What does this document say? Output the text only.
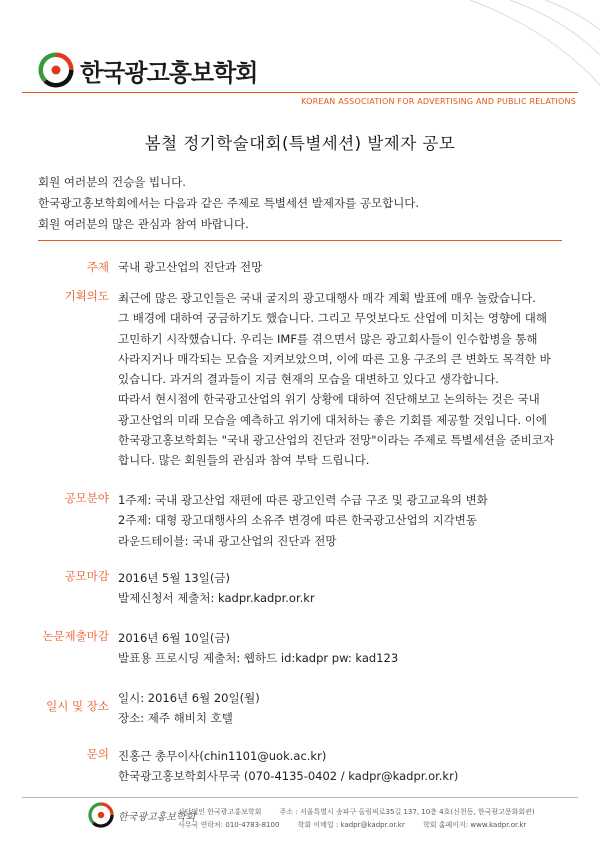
한국광고홍보학회
KOREAN ASSOCIATION FOR ADVERTISING AND PUBLIC RELATIONS
봄철 정기학술대회(특별세션) 발제자 공모
회원 여러분의 건승을 빕니다.
한국광고홍보학회에서는 다음과 같은 주제로 특별세션 발제자를 공모합니다.
회원 여러분의 많은 관심과 참여 바랍니다.
주제 국내 광고산업의 진단과 전망

기획의도 최근에 많은 광고인들은 국내 굴지의 광고대행사 매각 계획 발표에 매우 놀랐습니다.

그 배경에 대하여 궁금하기도 했습니다. 그리고 무엇보다도 산업에 미치는 영향에 대해

고민하기 시작했습니다. 우리는 IMF를 겪으면서 많은 광고회사들이 인수합병을 통해

사라지거나 매각되는 모습을 지켜보았으며, 이에 따른 고용 구조의 큰 변화도 목격한 바

있습니다. 과거의 결과들이 지금 현재의 모습을 대변하고 있다고 생각합니다.

따라서 현시점에 한국광고산업의 위기 상황에 대하여 진단해보고 논의하는 것은 국내

광고산업의 미래 모습을 예측하고 위기에 대처하는 좋은 기회를 제공할 것입니다. 이에

한국광고홍보학회는 "국내 광고산업의 진단과 전망"이라는 주제로 특별세션을 준비코자

합니다. 많은 회원들의 관심과 참여 부탁 드립니다.

공모분야 1주제: 국내 광고산업 재편에 따른 광고인력 수급 구조 및 광고교육의 변화

2주제: 대형 광고대행사의 소유주 변경에 따른 한국광고산업의 지각변동

라운드테이블: 국내 광고산업의 진단과 전망

공모마감 2016년 5월 13일(금)

발제신청서 제출처: kadpr.kadpr.or.kr

논문제출마감 2016년 6월 10일(금)

발표용 프로시딩 제출처: 웹하드 id:kadpr pw: kad123

일시 및 장소

일시: 2016년 6월 20일(월)

장소: 제주 해비치 호텔

문의 진홍근 총무이사(chin1101@uok.ac.kr)

한국광고홍보학회사무국 (070-4135-0402 / kadpr@kadpr.or.kr)

한국광고홍보학회
사단법인 한국광고홍보학회	주소 : 서울특별시 송파구 올림픽로35길 137, 10층 4호(신천동, 한국광고문화회관)
사무국 연락처: 010-4783-8100	학회 이메일 : kadpr@kadpr.or.kr	학회 홈페이지: www.kadpr.or.kr
